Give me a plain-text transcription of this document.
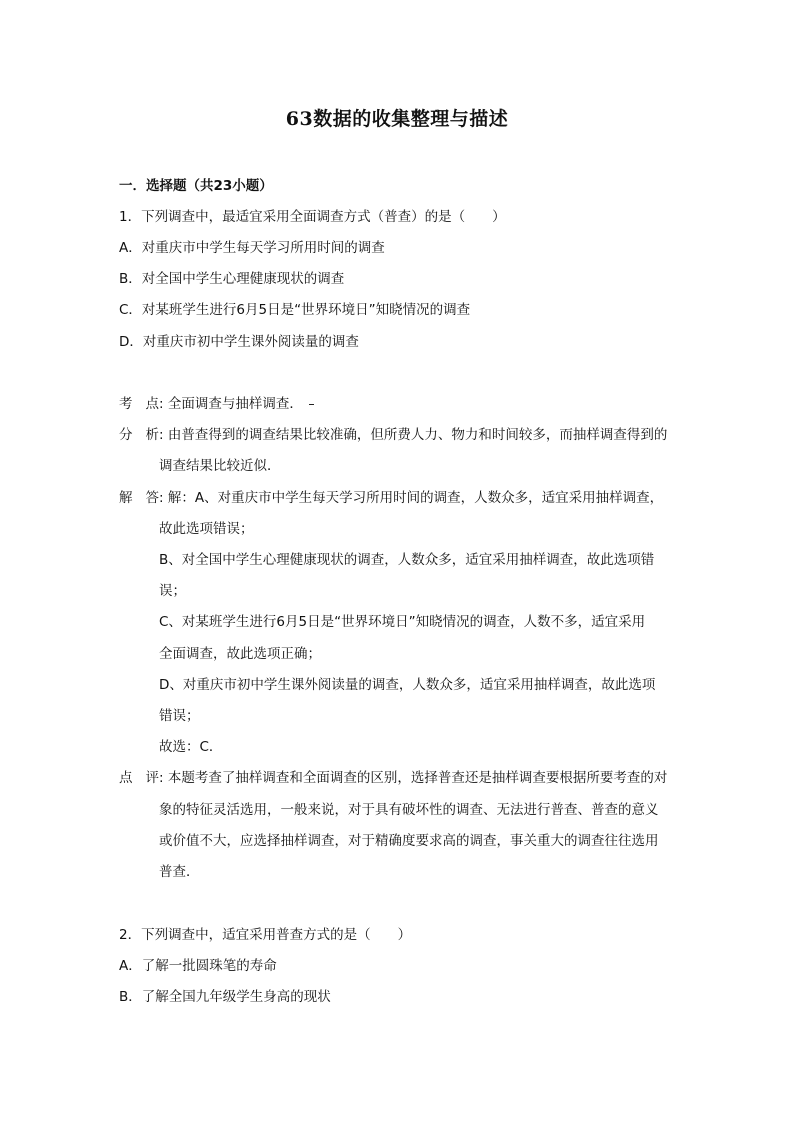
63数据的收集整理与描述
一．选择题（共23小题）
1．下列调查中，最适宜采用全面调查方式（普查）的是（　　）
A．对重庆市中学生每天学习所用时间的调查
B．对全国中学生心理健康现状的调查
C．对某班学生进行6月5日是“世界环境日”知晓情况的调查
D．对重庆市初中学生课外阅读量的调查
考点: 全面调查与抽样调查．
分析: 由普查得到的调查结果比较准确，但所费人力、物力和时间较多，而抽样调查得到的
调查结果比较近似．
解答: 解：A、对重庆市中学生每天学习所用时间的调查，人数众多，适宜采用抽样调查，
故此选项错误；
B、对全国中学生心理健康现状的调查，人数众多，适宜采用抽样调查，故此选项错
误；
C、对某班学生进行6月5日是“世界环境日”知晓情况的调查，人数不多，适宜采用
全面调查，故此选项正确；
D、对重庆市初中学生课外阅读量的调查，人数众多，适宜采用抽样调查，故此选项
错误；
故选：C．
点评: 本题考查了抽样调查和全面调查的区别，选择普查还是抽样调查要根据所要考查的对
象的特征灵活选用，一般来说，对于具有破坏性的调查、无法进行普查、普查的意义
或价值不大，应选择抽样调查，对于精确度要求高的调查，事关重大的调查往往选用
普查．
2．下列调查中，适宜采用普查方式的是（　　）
A．了解一批圆珠笔的寿命
B．了解全国九年级学生身高的现状
